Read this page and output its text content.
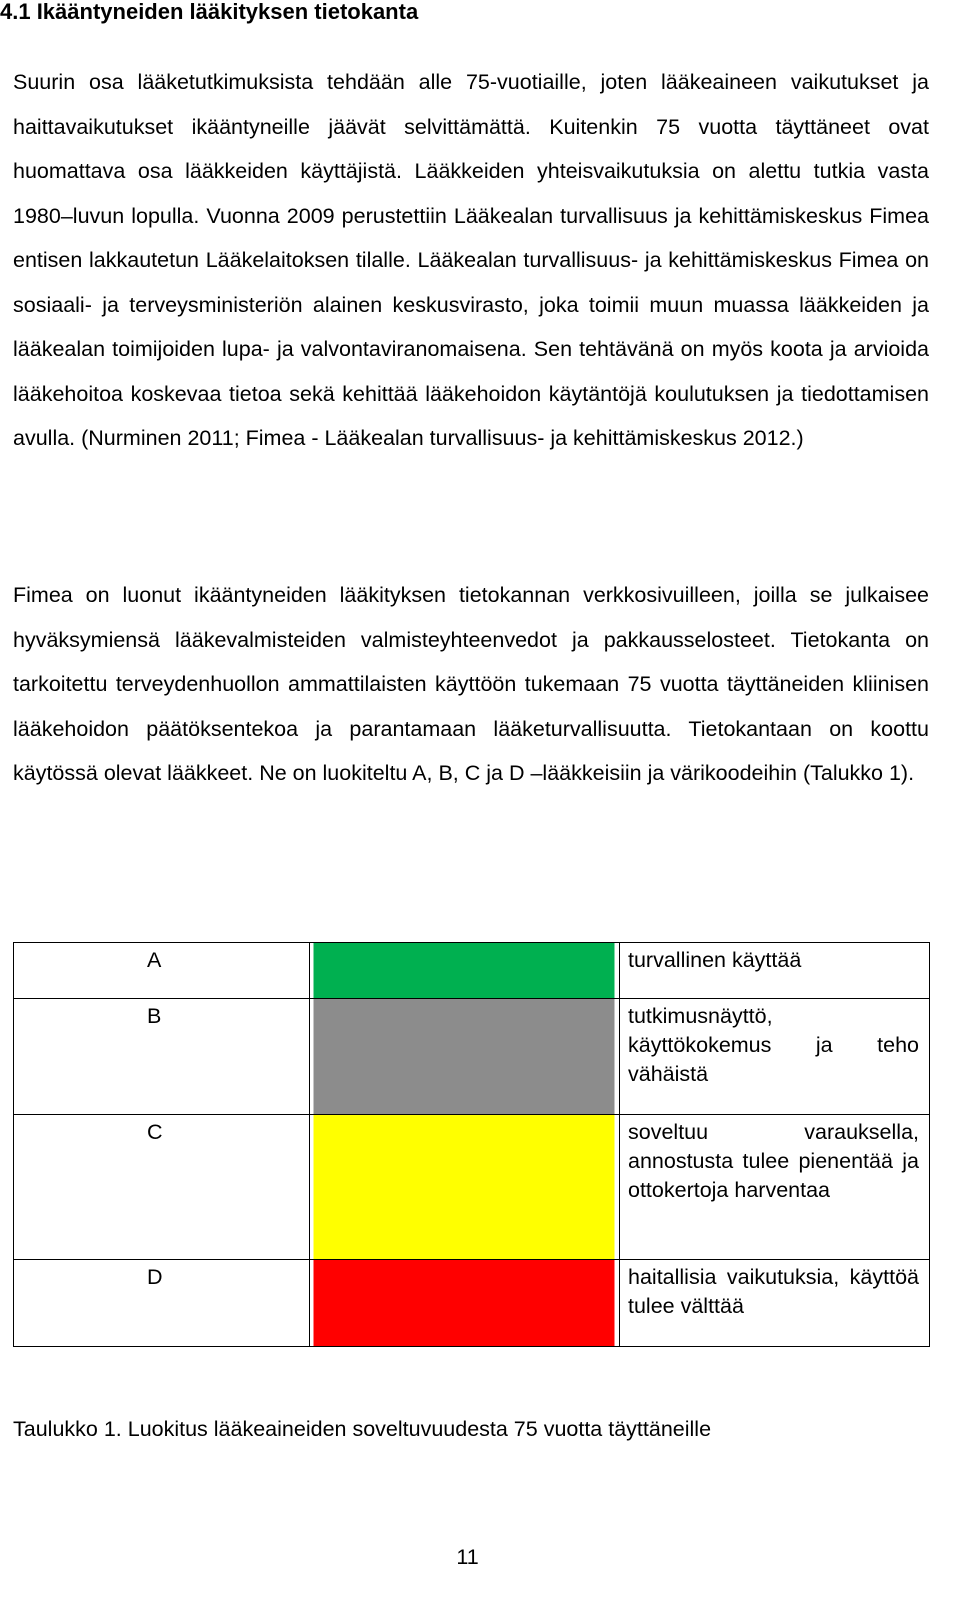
4.1 Ikääntyneiden lääkityksen tietokanta

Suurin osa lääketutkimuksista tehdään alle 75-vuotiaille, joten lääkeaineen vaikutukset ja haittavaikutukset ikääntyneille jäävät selvittämättä. Kuitenkin 75 vuotta täyttäneet ovat huomattava osa lääkkeiden käyttäjistä. Lääkkeiden yhteisvaikutuksia on alettu tutkia vasta 1980–luvun lopulla. Vuonna 2009 perustettiin Lääkealan turvallisuus ja kehittämiskeskus Fimea entisen lakkautetun Lääkelaitoksen tilalle. Lääkealan turvallisuus- ja kehittämiskeskus Fimea on sosiaali- ja terveysministeriön alainen keskusvirasto, joka toimii muun muassa lääkkeiden ja lääkealan toimijoiden lupa- ja valvontaviranomaisena. Sen tehtävänä on myös koota ja arvioida lääkehoitoa koskevaa tietoa sekä kehittää lääkehoidon käytäntöjä koulutuksen ja tiedottamisen avulla. (Nurminen 2011; Fimea - Lääkealan turvallisuus- ja kehittämiskeskus 2012.)

Fimea on luonut ikääntyneiden lääkityksen tietokannan verkkosivuilleen, joilla se julkaisee hyväksymiensä lääkevalmisteiden valmisteyhteenvedot ja pakkausselosteet. Tietokanta on tarkoitettu terveydenhuollon ammattilaisten käyttöön tukemaan 75 vuotta täyttäneiden kliinisen lääkehoidon päätöksentekoa ja parantamaan lääketurvallisuutta. Tietokantaan on koottu käytössä olevat lääkkeet. Ne on luokiteltu A, B, C ja D –lääkkeisiin ja värikoodeihin (Talukko 1).

A		turvallinen käyttää
B		tutkimusnäyttö, käyttökokemus ja teho vähäistä
C		soveltuu varauksella, annostusta tulee pienentää ja ottokertoja harventaa
D		haitallisia vaikutuksia, käyttöä tulee välttää

Taulukko 1. Luokitus lääkeaineiden soveltuvuudesta 75 vuotta täyttäneille

11
